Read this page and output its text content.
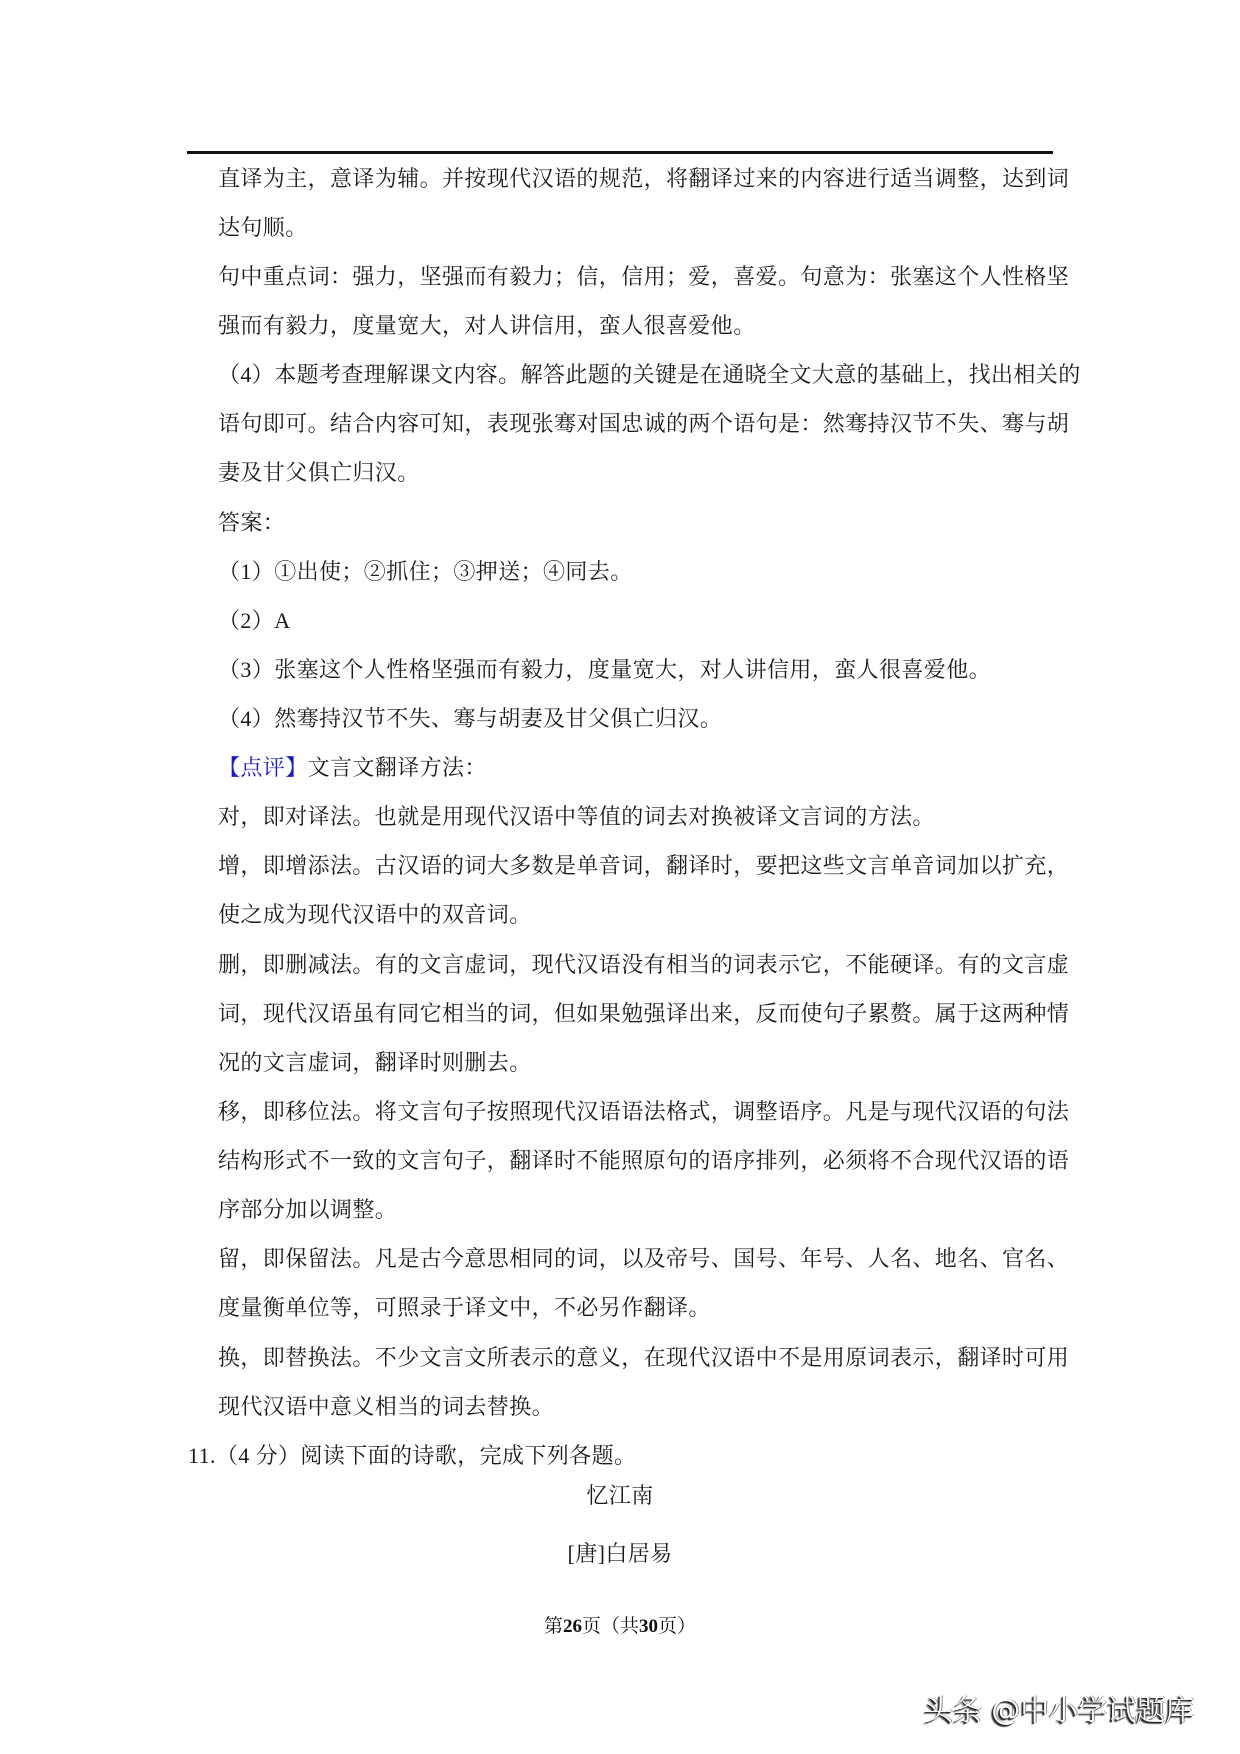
直译为主，意译为辅。并按现代汉语的规范，将翻译过来的内容进行适当调整，达到词
达句顺。
句中重点词：强力，坚强而有毅力；信，信用；爱，喜爱。句意为：张塞这个人性格坚
强而有毅力，度量宽大，对人讲信用，蛮人很喜爱他。
（4）本题考查理解课文内容。解答此题的关键是在通晓全文大意的基础上，找出相关的
语句即可。结合内容可知，表现张骞对国忠诚的两个语句是：然骞持汉节不失、骞与胡
妻及甘父俱亡归汉。
答案：
（1）①出使；②抓住；③押送；④同去。
（2）A
（3）张塞这个人性格坚强而有毅力，度量宽大，对人讲信用，蛮人很喜爱他。
（4）然骞持汉节不失、骞与胡妻及甘父俱亡归汉。
【点评】文言文翻译方法：
对，即对译法。也就是用现代汉语中等值的词去对换被译文言词的方法。
增，即增添法。古汉语的词大多数是单音词，翻译时，要把这些文言单音词加以扩充，
使之成为现代汉语中的双音词。
删，即删减法。有的文言虚词，现代汉语没有相当的词表示它，不能硬译。有的文言虚
词，现代汉语虽有同它相当的词，但如果勉强译出来，反而使句子累赘。属于这两种情
况的文言虚词，翻译时则删去。
移，即移位法。将文言句子按照现代汉语语法格式，调整语序。凡是与现代汉语的句法
结构形式不一致的文言句子，翻译时不能照原句的语序排列，必须将不合现代汉语的语
序部分加以调整。
留，即保留法。凡是古今意思相同的词，以及帝号、国号、年号、人名、地名、官名、
度量衡单位等，可照录于译文中，不必另作翻译。
换，即替换法。不少文言文所表示的意义，在现代汉语中不是用原词表示，翻译时可用
现代汉语中意义相当的词去替换。
11.（4 分）阅读下面的诗歌，完成下列各题。
忆江南
[唐]白居易
第26页（共30页）
头条 @中小学试题库
